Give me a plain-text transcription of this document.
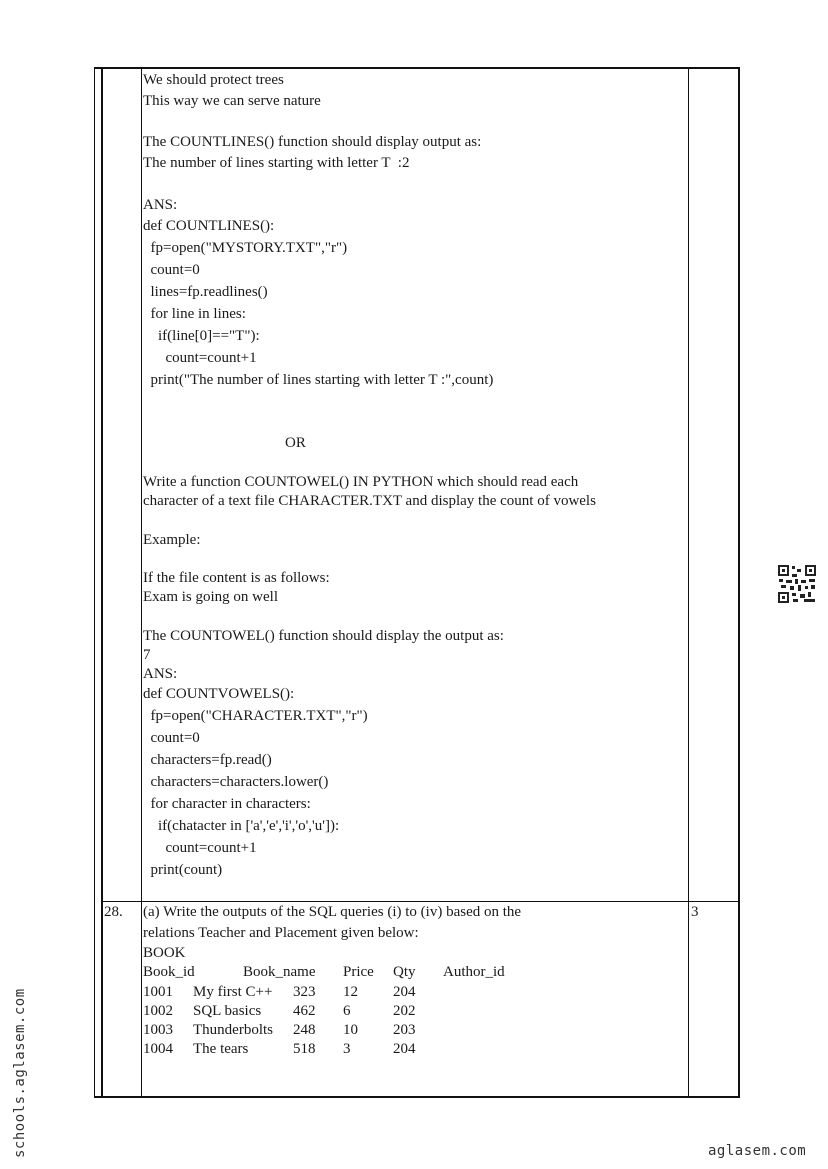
We should protect trees
This way we can serve nature
The COUNTLINES() function should display output as:
The number of lines starting with letter T  :2
ANS:
def COUNTLINES():
fp=open("MYSTORY.TXT","r")
count=0
lines=fp.readlines()
for line in lines:
if(line[0]=="T"):
count=count+1
print("The number of lines starting with letter T :",count)
OR
Write a function COUNTOWEL() IN PYTHON which should read each
character of a text file CHARACTER.TXT and display the count of vowels
Example:
If the file content is as follows:
Exam is going on well
The COUNTOWEL() function should display the output as:
7
ANS:
def COUNTVOWELS():
fp=open("CHARACTER.TXT","r")
count=0
characters=fp.read()
characters=characters.lower()
for character in characters:
if(chatacter in ['a','e','i','o','u']):
count=count+1
print(count)
28.	3
(a) Write the outputs of the SQL queries (i) to (iv) based on the
relations Teacher and Placement given below:
BOOK
Book_id	Book_name Price Qty Author_id
1001 My first C++ 323 12 204
1002 SQL basics 462 6	202
1003 Thunderbolts 248 10 203
1004 The tears	518 3	204
schools.aglasem.com	aglasem.com
